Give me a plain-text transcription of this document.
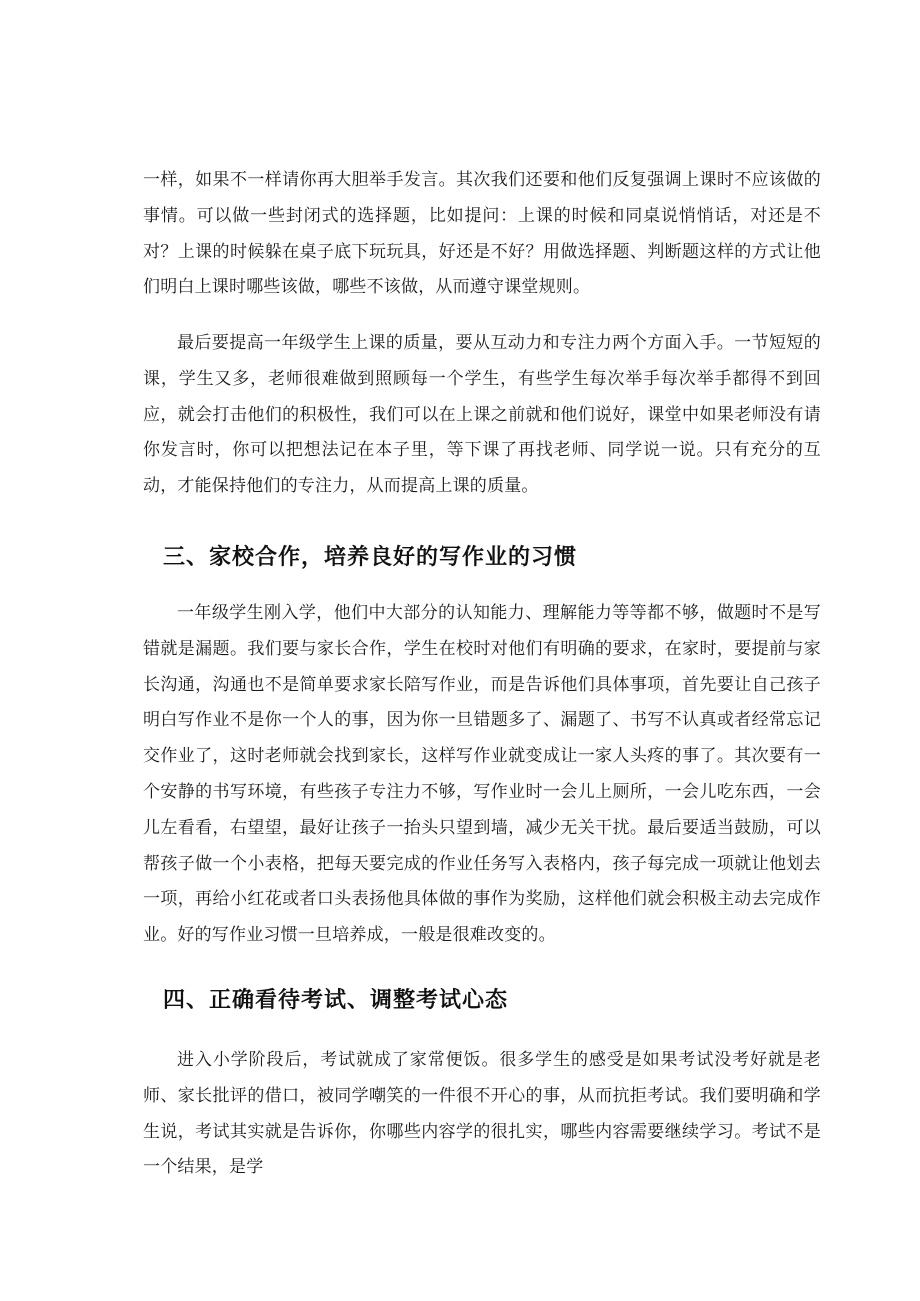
一样，如果不一样请你再大胆举手发言。其次我们还要和他们反复强调上课时不应该做的事情。可以做一些封闭式的选择题，比如提问：上课的时候和同桌说悄悄话，对还是不对？上课的时候躲在桌子底下玩玩具，好还是不好？用做选择题、判断题这样的方式让他们明白上课时哪些该做，哪些不该做，从而遵守课堂规则。

最后要提高一年级学生上课的质量，要从互动力和专注力两个方面入手。一节短短的课，学生又多，老师很难做到照顾每一个学生，有些学生每次举手每次举手都得不到回应，就会打击他们的积极性，我们可以在上课之前就和他们说好，课堂中如果老师没有请你发言时，你可以把想法记在本子里，等下课了再找老师、同学说一说。只有充分的互动，才能保持他们的专注力，从而提高上课的质量。

三、家校合作，培养良好的写作业的习惯

一年级学生刚入学，他们中大部分的认知能力、理解能力等等都不够，做题时不是写错就是漏题。我们要与家长合作，学生在校时对他们有明确的要求，在家时，要提前与家长沟通，沟通也不是简单要求家长陪写作业，而是告诉他们具体事项，首先要让自己孩子明白写作业不是你一个人的事，因为你一旦错题多了、漏题了、书写不认真或者经常忘记交作业了，这时老师就会找到家长，这样写作业就变成让一家人头疼的事了。其次要有一个安静的书写环境，有些孩子专注力不够，写作业时一会儿上厕所，一会儿吃东西，一会儿左看看，右望望，最好让孩子一抬头只望到墙，减少无关干扰。最后要适当鼓励，可以帮孩子做一个小表格，把每天要完成的作业任务写入表格内，孩子每完成一项就让他划去一项，再给小红花或者口头表扬他具体做的事作为奖励，这样他们就会积极主动去完成作业。好的写作业习惯一旦培养成，一般是很难改变的。

四、正确看待考试、调整考试心态

进入小学阶段后，考试就成了家常便饭。很多学生的感受是如果考试没考好就是老师、家长批评的借口，被同学嘲笑的一件很不开心的事，从而抗拒考试。我们要明确和学生说，考试其实就是告诉你，你哪些内容学的很扎实，哪些内容需要继续学习。考试不是一个结果，是学
